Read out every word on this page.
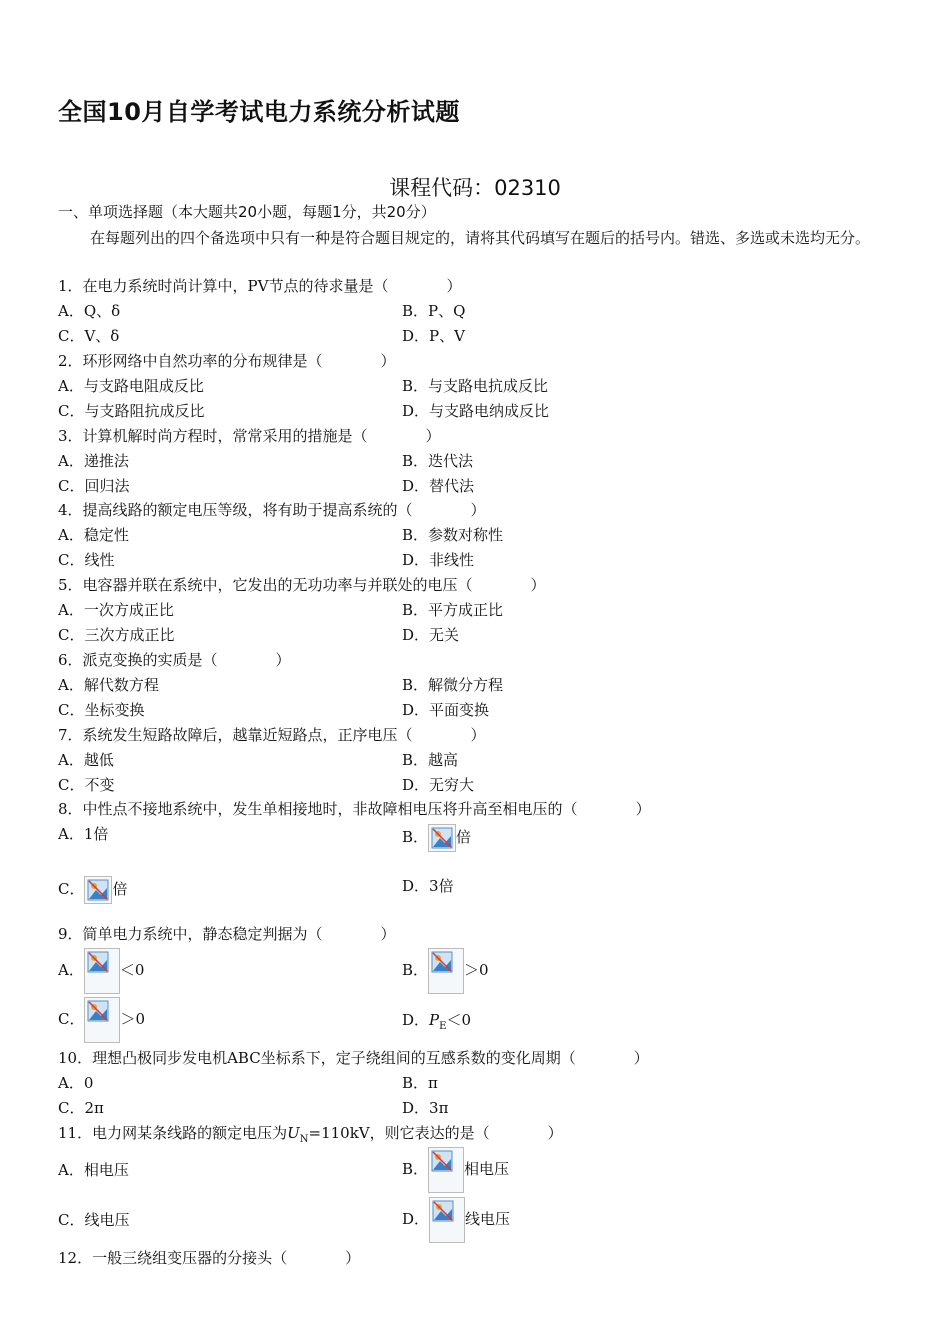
全国10月自学考试电力系统分析试题
课程代码：02310
一、单项选择题（本大题共20小题，每题1分，共20分）
在每题列出的四个备选项中只有一种是符合题目规定的，请将其代码填写在题后的括号内。错选、多选或未选均无分。
1．在电力系统时尚计算中，PV节点的待求量是（	）
A．Q、δ	B．P、Q
C．V、δ	D．P、V
2．环形网络中自然功率的分布规律是（	）
A．与支路电阻成反比	B．与支路电抗成反比
C．与支路阻抗成反比	D．与支路电纳成反比
3．计算机解时尚方程时，常常采用的措施是（	）
A．递推法	B．迭代法
C．回归法	D．替代法
4．提高线路的额定电压等级，将有助于提高系统的（	）
A．稳定性	B．参数对称性
C．线性	D．非线性
5．电容器并联在系统中，它发出的无功功率与并联处的电压（	）
A．一次方成正比	B．平方成正比
C．三次方成正比	D．无关
6．派克变换的实质是（	）
A．解代数方程	B．解微分方程
C．坐标变换	D．平面变换
7．系统发生短路故障后，越靠近短路点，正序电压（	）
A．越低	B．越高
C．不变	D．无穷大
8．中性点不接地系统中，发生单相接地时，非故障相电压将升高至相电压的（	）
A．1倍	B． 倍
C． 倍	D．3倍
9．简单电力系统中，静态稳定判据为（	）
A． ＜0	B． ＞0
C． ＞0	D．$P_E<0$
10．理想凸极同步发电机ABC坐标系下，定子绕组间的互感系数的变化周期（	）
A．0	B．π
C．2π	D．3π
11．电力网某条线路的额定电压为$U_N=110kV$，则它表达的是（	）
A．相电压	B． 相电压
C．线电压	D． 线电压
12．一般三绕组变压器的分接头（	）
